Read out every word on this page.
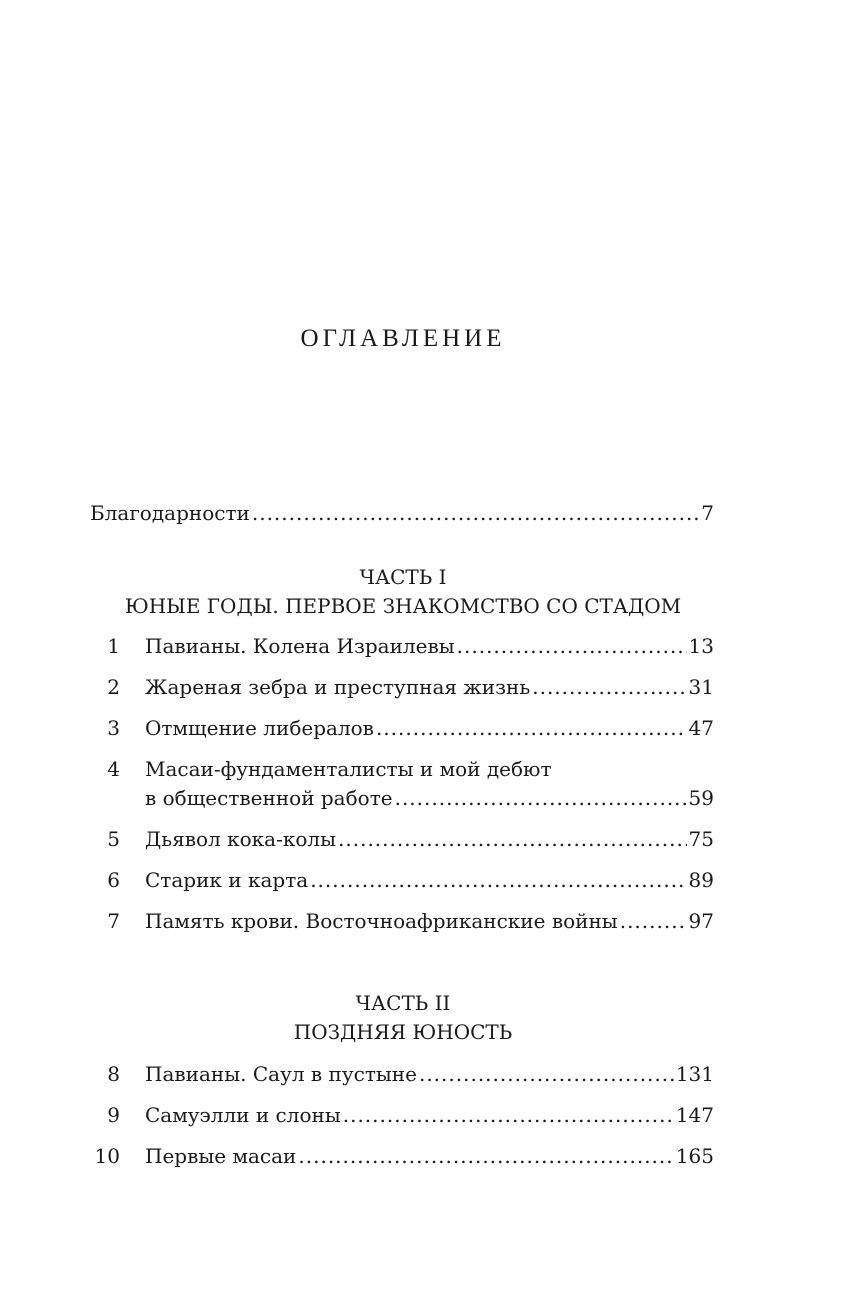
ОГЛАВЛЕНИЕ
Благодарности .....	7
ЧАСТЬ I
ЮНЫЕ ГОДЫ. ПЕРВОЕ ЗНАКОМСТВО СО СТАДОМ
1 Павианы. Колена Израилевы .....	13
2 Жареная зебра и преступная жизнь .....	31
3 Отмщение либералов .....	47
4 Масаи-фундаменталисты и мой дебют
в общественной работе .....	59
5 Дьявол кока-колы .....	75
6 Старик и карта .....	89
7 Память крови. Восточноафриканские войны .....	97
ЧАСТЬ II
ПОЗДНЯЯ ЮНОСТЬ
8 Павианы. Саул в пустыне .....	131
9 Самуэлли и слоны .....	147
10 Первые масаи .....	165
